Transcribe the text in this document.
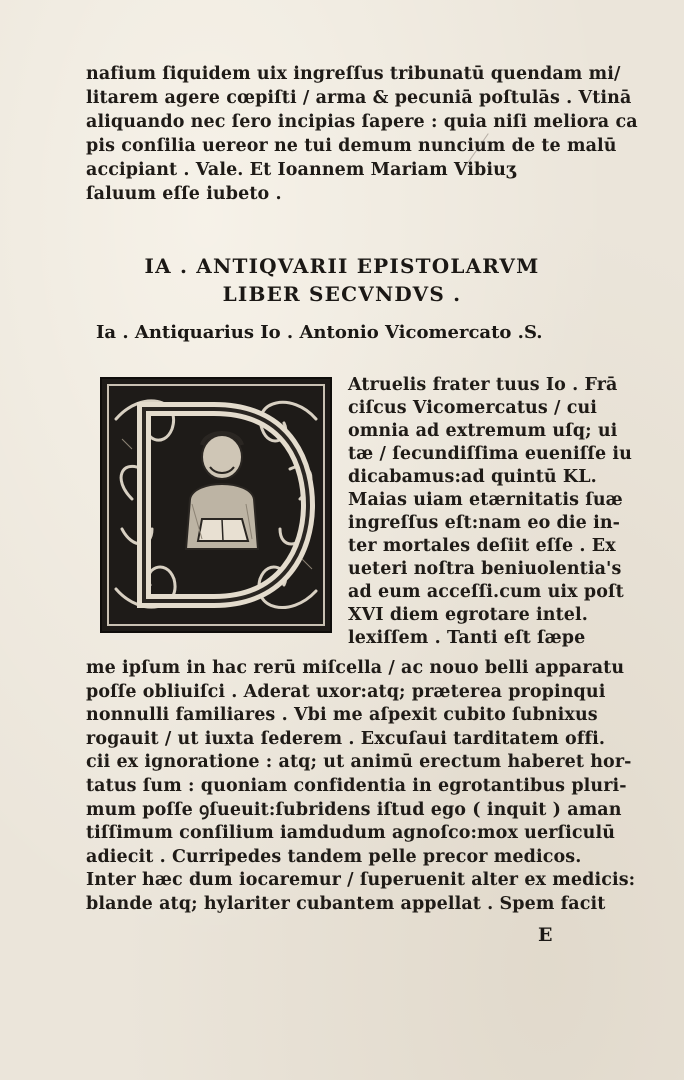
nafium ſiquidem uix ingreſſus tribunatū quendam mi/
litarem agere cœpiſti / arma & pecuniā poſtulās . Vtinā
aliquando nec ſero incipias ſapere : quia niſi meliora ca
pis conſilia uereor ne tui demum nuncium de te malū
accipiant . Vale. Et Ioannem Mariam Vibiuʒ
ſaluum eſſe iubeto .
IA . ANTIQVARII EPISTOLARVM
LIBER SECVNDVS .
Ia . Antiquarius Io . Antonio Vicomercato .S.
Atruelis frater tuus Io . Frā
ciſcus Vicomercatus / cui
omnia ad extremum uſq; ui
tæ / ſecundiſſima eueniſſe iu
dicabamus:ad quintū KL.
Maias uiam etærnitatis ſuæ
ingreſſus eſt:nam eo die in-
ter mortales deſiit eſſe . Ex
ueteri noſtra beniuolentia's
ad eum acceſſi.cum uix poſt
XVI diem egrotare intel.
lexiſſem . Tanti eſt ſæpe
me ipſum in hac rerū miſcella / ac nouo belli apparatu
poſſe obliuiſci . Aderat uxor:atq; præterea propinqui
nonnulli familiares . Vbi me aſpexit cubito ſubnixus
rogauit / ut iuxta ſederem . Excuſaui tarditatem offi.
cii ex ignoratione : atq; ut animū erectum haberet hor-
tatus ſum : quoniam confidentia in egrotantibus pluri-
mum poſſe ꝯſueuit:ſubridens iſtud ego ( inquit ) aman
tiſſimum conſilium iamdudum agnoſco:mox uerſiculū
adiecit . Curripedes tandem pelle precor medicos.
Inter hæc dum iocaremur / ſuperuenit alter ex medicis:
blande atq; hylariter cubantem appellat . Spem facit
E
